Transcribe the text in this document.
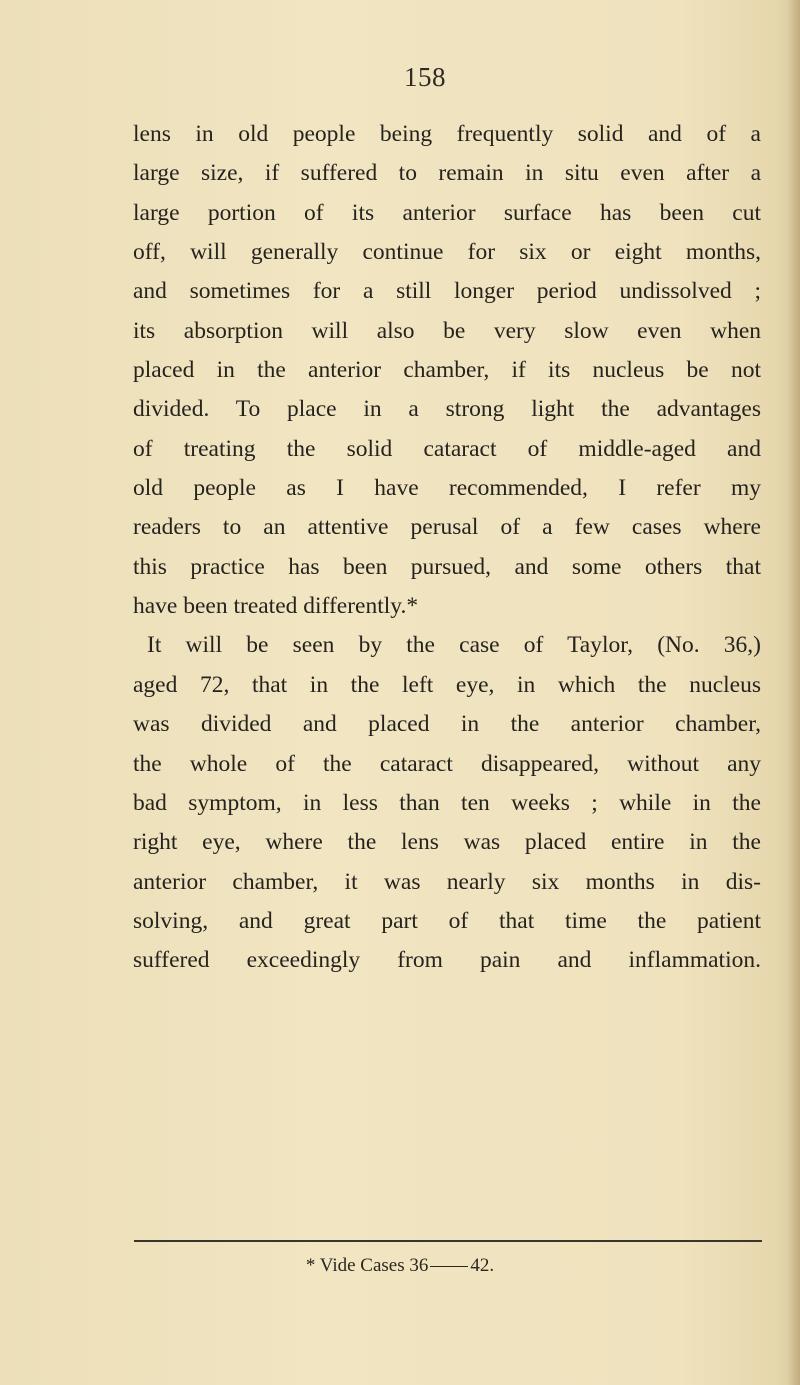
158
lens in old people being frequently solid and of a
large size, if suffered to remain in situ even after a
large portion of its anterior surface has been cut
off, will generally continue for six or eight months,
and sometimes for a still longer period undissolved ;
its absorption will also be very slow even when
placed in the anterior chamber, if its nucleus be not
divided. To place in a strong light the advantages
of treating the solid cataract of middle-aged and
old people as I have recommended, I refer my
readers to an attentive perusal of a few cases where
this practice has been pursued, and some others that
have been treated differently.*
It will be seen by the case of Taylor, (No. 36,)
aged 72, that in the left eye, in which the nucleus
was divided and placed in the anterior chamber,
the whole of the cataract disappeared, without any
bad symptom, in less than ten weeks ; while in the
right eye, where the lens was placed entire in the
anterior chamber, it was nearly six months in dis-
solving, and great part of that time the patient
suffered exceedingly from pain and inflammation.
* Vide Cases 36 42.
